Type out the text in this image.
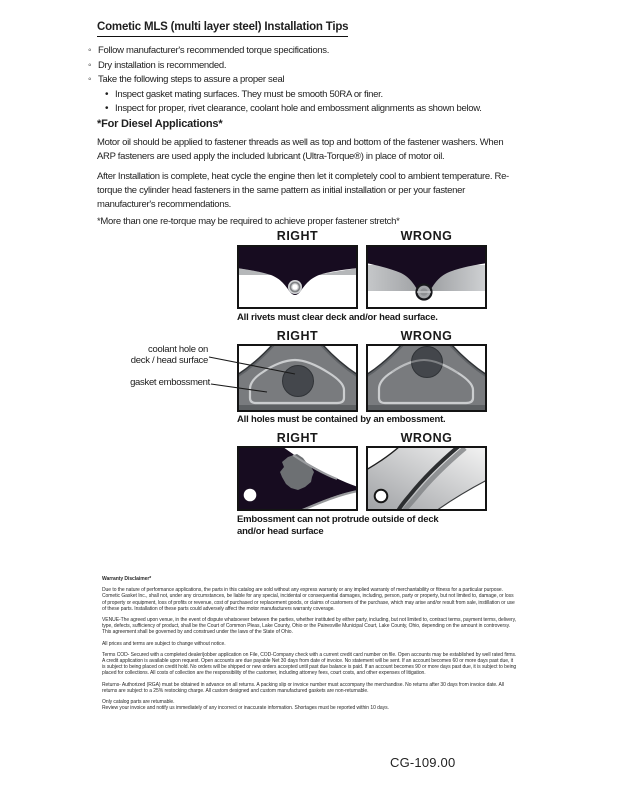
Cometic MLS (multi layer steel) Installation Tips
◦ Follow manufacturer's recommended torque specifications.
◦ Dry installation is recommended.
◦ Take the following steps to assure a proper seal
• Inspect gasket mating surfaces. They must be smooth 50RA or finer.
• Inspect for proper, rivet clearance, coolant hole and embossment alignments as shown below.
*For Diesel Applications*
Motor oil should be applied to fastener threads as well as top and bottom of the fastener washers. When ARP fasteners are used apply the included lubricant (Ultra-Torque®) in place of motor oil.
After Installation is complete, heat cycle the engine then let it completely cool to ambient temperature. Re-torque the cylinder head fasteners in the same pattern as initial installation or per your fastener manufacturer's recommendations.
*More than one re-torque may be required to achieve proper fastener stretch*
RIGHT	WRONG
All rivets must clear deck and/or head surface.
RIGHT	WRONG
coolant hole on
deck / head surface
gasket embossment
All holes must be contained by an embossment.
RIGHT	WRONG
Embossment can not protrude outside of deck
and/or head surface
Warranty Disclaimer*
Due to the nature of performance applications, the parts in this catalog are sold without any express warranty or any implied warranty of merchantability or fitness for a particular purpose. Cometic Gasket Inc., shall not, under any circumstances, be liable for any special, incidental or consequential damages, including, person, party or property, but not limited to, damage, or loss of property or equipment, loss of profits or revenue, cost of purchased or replacement goods, or claims of customers of the purchase, which may arise and/or result from sale, instillation or use of these parts. Installation of these parts could adversely affect the motor manufacturers warranty coverage.
VENUE-The agreed upon venue, in the event of dispute whatsoever between the parties, whether instituted by either party, including, but not limited to, contract terms, payment terms, delivery, type, defects, sufficiency of product, shall be the Court of Common Pleas, Lake County, Ohio or the Painesville Municipal Court, Lake County, Ohio, depending on the amount in controversy.
This agreement shall be governed by and construed under the laws of the State of Ohio.
All prices and terms are subject to change without notice.
Terms COD- Secured with a completed dealer/jobber application on File, COD-Company check with a current credit card number on file. Open accounts may be established by well rated firms. A credit application is available upon request. Open accounts are due payable Net 30 days from date of invoice. No statement will be sent. If an account becomes 60 or more days past due, it is subject to being placed on credit hold. No orders will be shipped or new orders accepted until past due balance is paid. If an account becomes 90 or more days past due, it is subject to being placed for collections. All costs of collection are the responsibility of the customer, including attorney fees, court costs, and other expenses of litigation.
Returns- Authorized (RGA) must be obtained in advance on all returns. A packing slip or invoice number must accompany the merchandise. No returns after 30 days from invoice date. All returns are subject to a 25% restocking charge. All custom designed and custom manufactured gaskets are non-returnable.
Only catalog parts are returnable.
Review your invoice and notify us immediately of any incorrect or inaccurate information. Shortages must be reported within 10 days.
CG-109.00
